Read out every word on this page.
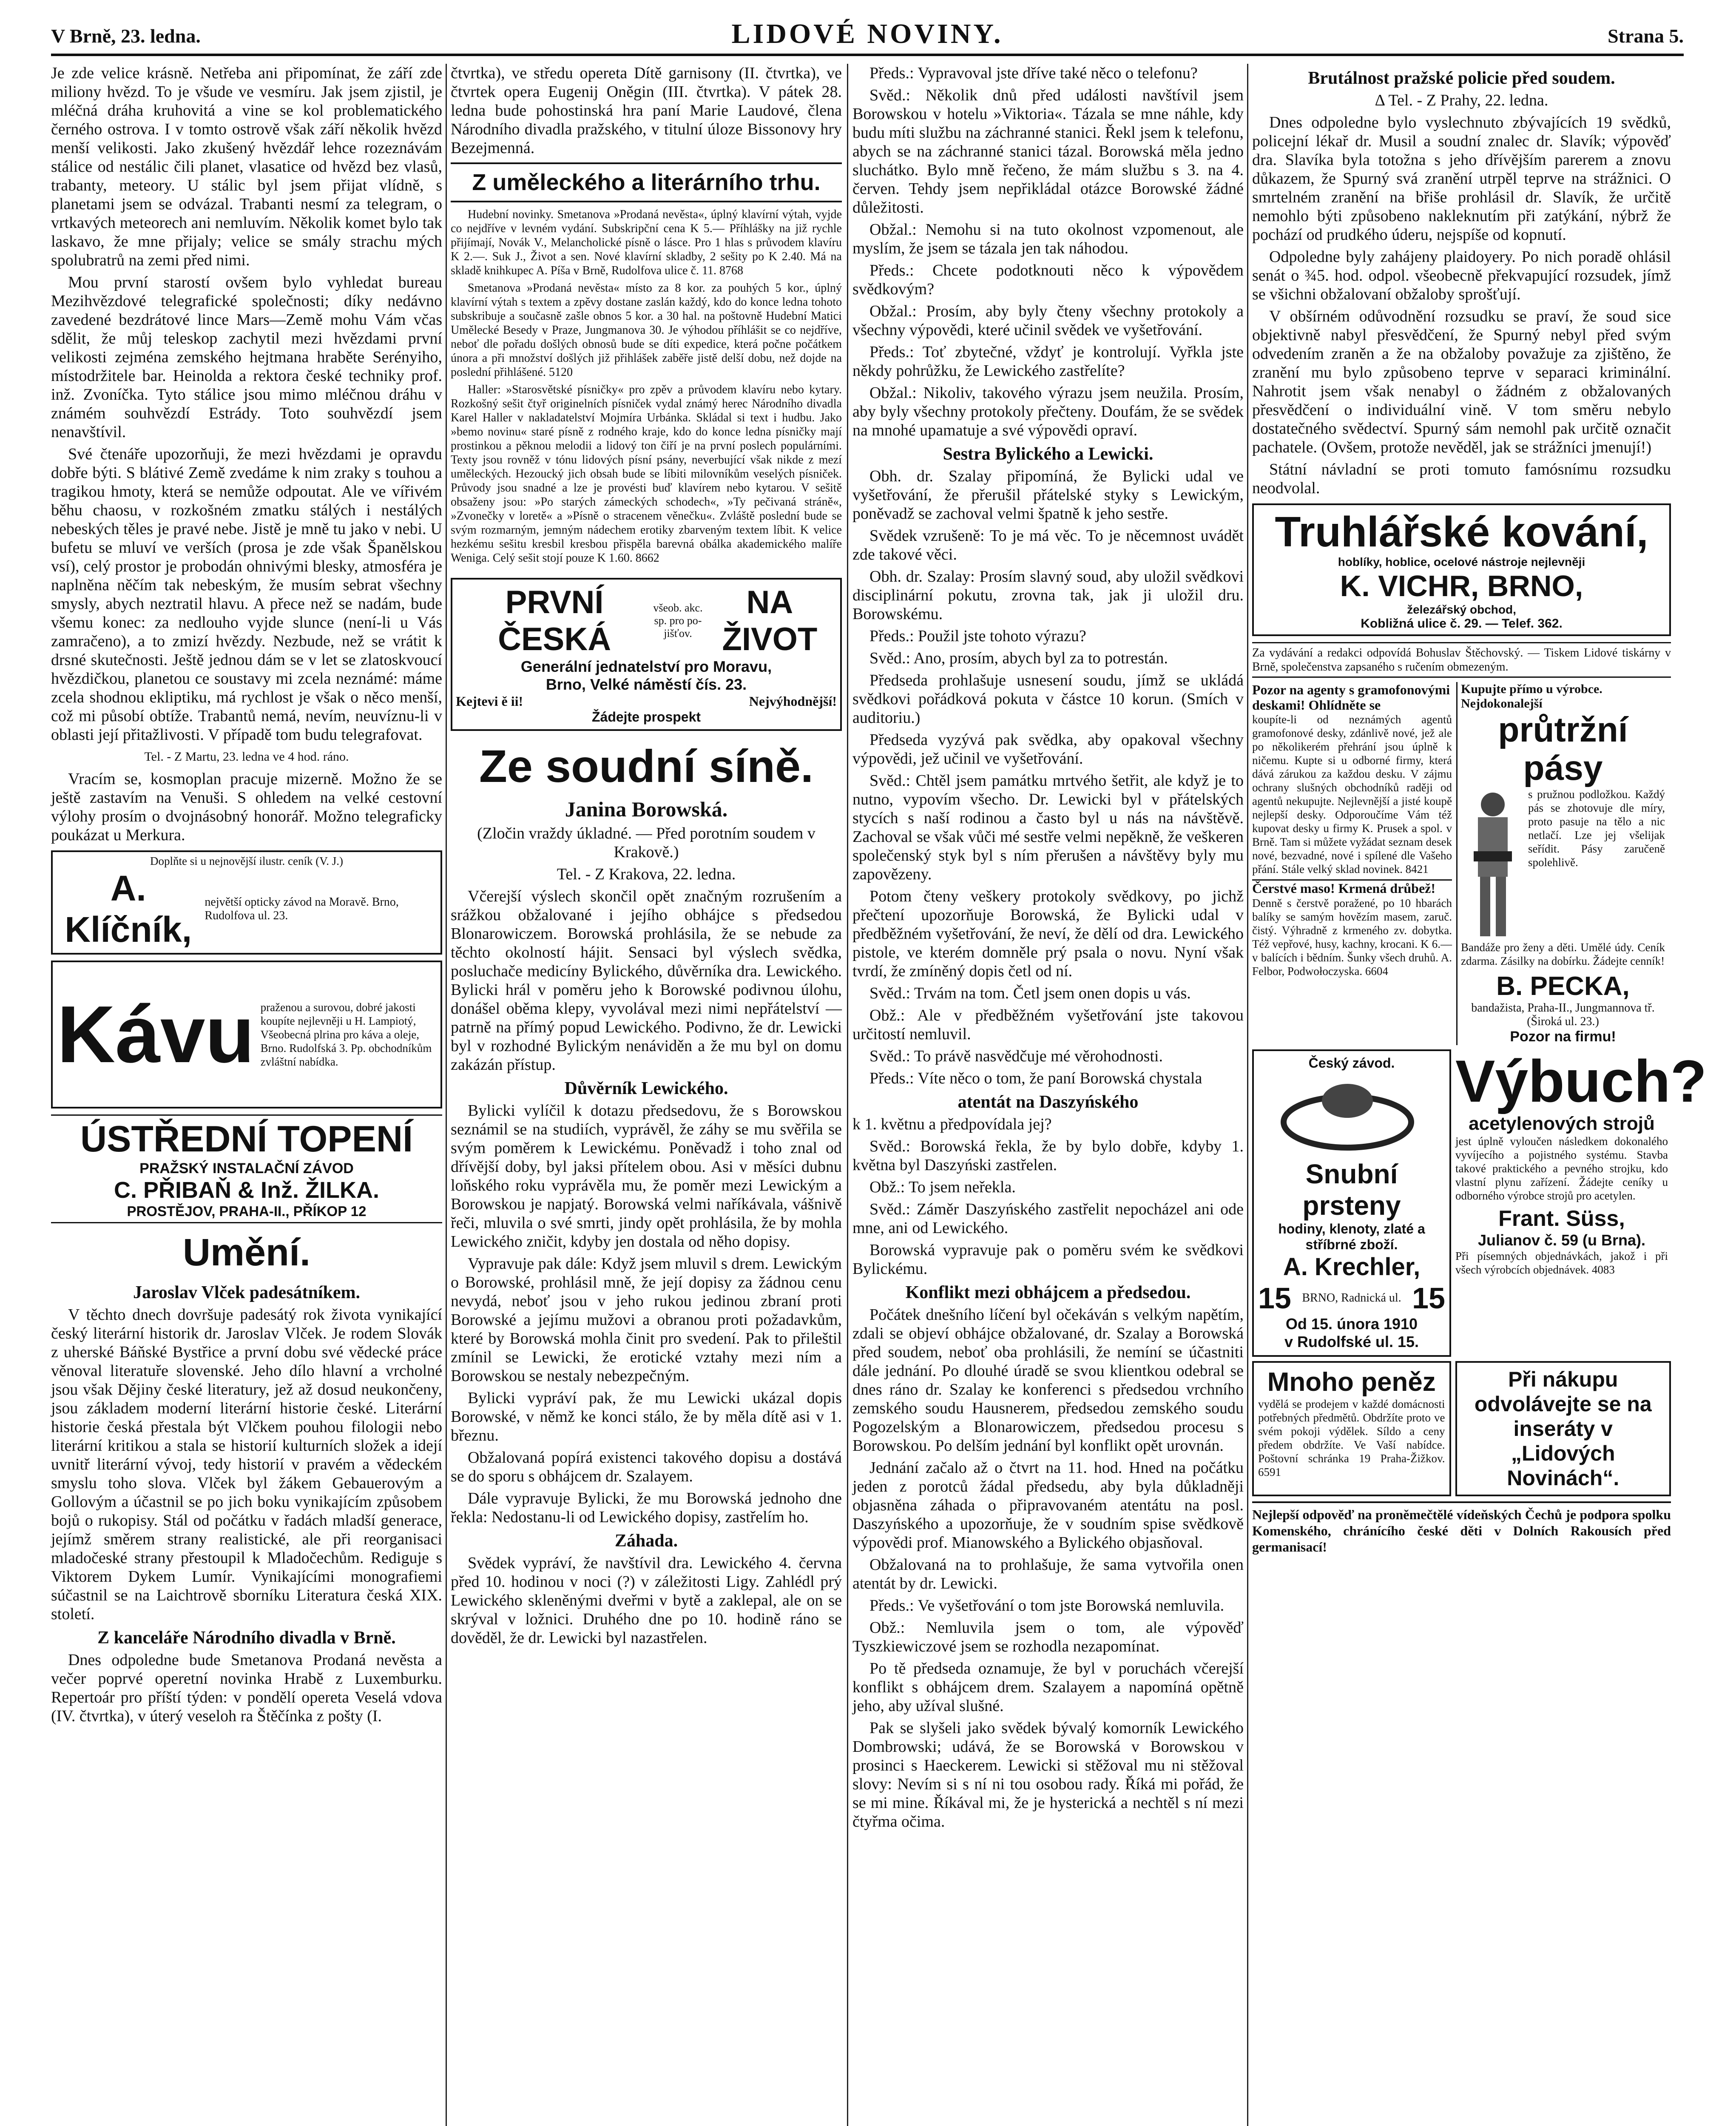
V Brně, 23. ledna.	LIDOVÉ NOVINY.	Strana 5.

Je zde velice krásně. Netřeba ani připomínat, že září zde miliony hvězd. To je všude ve vesmíru. Jak jsem zjistil, je mléčná dráha kruhovitá a vine se kol problematického černého ostrova. I v tomto ostrově však září několik hvězd menší velikosti. Jako zkušený hvězdář lehce rozeznávám stálice od nestálic čili planet, vlasatice od hvězd bez vlasů, trabanty, meteory. U stálic byl jsem přijat vlídně, s planetami jsem se odvázal. Trabanti nesmí za telegram, o vrtkavých meteorech ani nemluvím. Několik komet bylo tak laskavo, že mne přijaly; velice se smály strachu mých spolubratrů na zemi před nimi.

Mou první starostí ovšem bylo vyhledat bureau Mezihvězdové telegrafické společnosti; díky nedávno zavedené bezdrátové lince Mars—Země mohu Vám včas sdělit, že můj teleskop zachytil mezi hvězdami první velikosti zejména zemského hejtmana hraběte Serényiho, místodržitele bar. Heinolda a rektora české techniky prof. inž. Zvoníčka. Tyto stálice jsou mimo mléčnou dráhu v známém souhvězdí Estrády. Toto souhvězdí jsem nenavštívil.

Své čtenáře upozorňuji, že mezi hvězdami je opravdu dobře býti. S blátivé Země zvedáme k nim zraky s touhou a tragikou hmoty, která se nemůže odpoutat. Ale ve vířivém běhu chaosu, v rozkošném zmatku stálých i nestálých nebeských těles je pravé nebe. Jistě je mně tu jako v nebi. U bufetu se mluví ve verších (prosa je zde však Španělskou vsí), celý prostor je probodán ohnivými blesky, atmosféra je naplněna něčím tak nebeským, že musím sebrat všechny smysly, abych neztratil hlavu. A přece než se nadám, bude všemu konec: za nedlouho vyjde slunce (není-li u Vás zamračeno), a to zmizí hvězdy. Nezbude, než se vrátit k drsné skutečnosti. Ještě jednou dám se v let se zlatoskvoucí hvězdičkou, planetou ce soustavy mi zcela neznámé: máme zcela shodnou ekliptiku, má rychlost je však o něco menší, což mi působí obtíže. Trabantů nemá, nevím, neuvíznu-li v oblasti její přitažlivosti. V případě tom budu telegrafovat.

Tel. - Z Martu, 23. ledna ve 4 hod. ráno.

Vracím se, kosmoplan pracuje mizerně. Možno že se ještě zastavím na Venuši. S ohledem na velké cestovní výlohy prosím o dvojnásobný honorář. Možno telegraficky poukázat u Merkura.

Doplňte si u nejnovější ilustr. ceník (V. J.)
A. Klíčník,
největší opticky závod na Moravě. Brno, Rudolfova ul. 23.
Kávu praženou a surovou, dobré jakosti koupíte nejlevněji u H. Lampiotý, Všeobecná plrina pro káva a oleje, Brno. Rudolfská 3. Pp. obchodníkům zvláštní nabídka.
ÚSTŘEDNÍ TOPENÍ
PRAŽSKÝ INSTALAČNÍ ZÁVOD
C. PŘIBAŇ & Inž. ŽILKA.
PROSTĚJOV, PRAHA-II., PŘÍKOP 12
Umění.
Jaroslav Vlček padesátníkem.

V těchto dnech dovršuje padesátý rok života vynikající český literární historik dr. Jaroslav Vlček. Je rodem Slovák z uherské Báňské Bystřice a první dobu své vědecké práce věnoval literatuře slovenské. Jeho dílo hlavní a vrcholné jsou však Dějiny české literatury, jež až dosud neukončeny, jsou základem moderní literární historie české. Literární historie česká přestala být Vlčkem pouhou filologii nebo literární kritikou a stala se historií kulturních složek a idejí uvnitř literární vývoj, tedy historií v pravém a vědeckém smyslu toho slova. Vlček byl žákem Gebauerovým a Gollovým a účastnil se po jich boku vynikajícím způsobem bojů o rukopisy. Stál od počátku v řadách mladší generace, jejímž směrem strany realistické, ale při reorganisaci mladočeské strany přestoupil k Mladočechům. Rediguje s Viktorem Dykem Lumír. Vynikajícími monografiemi súčastnil se na Laichtrově sborníku Literatura česká XIX. století.

Z kanceláře Národního divadla v Brně.

Dnes odpoledne bude Smetanova Prodaná nevěsta a večer poprvé operetní novinka Hrabě z Luxemburku. Repertoár pro příští týden: v pondělí opereta Veselá vdova (IV. čtvrtka), v úterý veseloh ra Štěčínka z pošty (I.

čtvrtka), ve středu opereta Dítě garnisony (II. čtvrtka), ve čtvrtek opera Eugenij Oněgin (III. čtvrtka). V pátek 28. ledna bude pohostinská hra paní Marie Laudové, člena Národního divadla pražského, v titulní úloze Bissonovy hry Bezejmenná.

Z uměleckého a literárního trhu.

Hudební novinky. Smetanova »Prodaná nevěsta«, úplný klavírní výtah, vyjde co nejdříve v levném vydání. Subskripční cena K 5.— Příhlášky na již rychle přijímají, Novák V., Melancholické písně o lásce. Pro 1 hlas s průvodem klavíru K 2.—. Suk J., Život a sen. Nové klavírní skladby, 2 sešity po K 2.40. Má na skladě knihkupec A. Píša v Brně, Rudolfova ulice č. 11. 8768

Smetanova »Prodaná nevěsta« místo za 8 kor. za pouhých 5 kor., úplný klavírní výtah s textem a zpěvy dostane zaslán každý, kdo do konce ledna tohoto subskribuje a současně zašle obnos 5 kor. a 30 hal. na poštovně Hudební Matici Umělecké Besedy v Praze, Jungmanova 30. Je výhodou příhlášit se co nejdříve, neboť dle pořadu došlých obnosů bude se díti expedice, která počne počátkem února a při množství došlých již přihlášek zaběře jistě delší dobu, než dojde na poslední přihlášené. 5120

Haller: »Starosvětské písničky« pro zpěv a průvodem klavíru nebo kytary. Rozkošný sešit čtyř originelních písniček vydal známý herec Národního divadla Karel Haller v nakladatelství Mojmíra Urbánka. Skládal si text i hudbu. Jako »bemo novinu« staré písně z rodného kraje, kdo do konce ledna písničky mají prostinkou a pěknou melodii a lidový ton čiří je na první poslech populárními. Texty jsou rovněž v tónu lidových písní psány, neverbující však nikde z mezí uměleckých. Hezoucký jich obsah bude se líbiti milovníkům veselých písniček. Průvody jsou snadné a lze je provésti buď klavírem nebo kytarou. V sešitě obsaženy jsou: »Po starých zámeckých schodech«, »Ty pečivaná stráně«, »Zvonečky v loretě« a »Písně o stracenem věnečku«. Zvláště poslední bude se svým rozmarným, jemným nádechem erotiky zbarveným textem líbit. K velice hezkému sešitu kresbil kresbou přispěla barevná obálka akademického malíře Weniga. Celý sešit stojí pouze K 1.60. 8662

PRVNÍ ČESKÁ
všeob. akc. sp. pro po-jišťov.
NA ŽIVOT
Generální jednatelství pro Moravu,
Brno, Velké náměstí čís. 23.
Kejtevi ě ii!	Nejvýhodnější!
Žádejte prospekt
Ze soudní síně.
Janina Borowská.

(Zločin vraždy úkladné. — Před porotním soudem v Krakově.)

Tel. - Z Krakova, 22. ledna.

Včerejší výslech skončil opět značným rozrušením a srážkou obžalované i jejího obhájce s předsedou Blonarowiczem. Borowská prohlásila, že se nebude za těchto okolností hájit. Sensaci byl výslech svědka, posluchače medicíny Bylického, důvěrníka dra. Lewického. Bylicki hrál v poměru jeho k Borowské podivnou úlohu, donášel oběma klepy, vyvolával mezi nimi nepřátelství — patrně na přímý popud Lewického. Podivno, že dr. Lewicki byl v rozhodné Bylickým nenáviděn a že mu byl on domu zakázán přístup.

Důvěrník Lewického.

Bylicki vylíčil k dotazu předsedovu, že s Borowskou seznámil se na studiích, vyprávěl, že záhy se mu svěřila se svým poměrem k Lewickému. Poněvadž i toho znal od dřívější doby, byl jaksi přítelem obou. Asi v měsíci dubnu loňského roku vyprávěla mu, že poměr mezi Lewickým a Borowskou je napjatý. Borowská velmi naříkávala, vášnivě řeči, mluvila o své smrti, jindy opět prohlásila, že by mohla Lewického zničit, kdyby jen dostala od něho dopisy.

Vypravuje pak dále: Když jsem mluvil s drem. Lewickým o Borowské, prohlásil mně, že její dopisy za žádnou cenu nevydá, neboť jsou v jeho rukou jedinou zbraní proti Borowské a jejímu mužovi a obranou proti požadavkům, které by Borowská mohla činit pro svedení. Pak to přileštil zmínil se Lewicki, že erotické vztahy mezi ním a Borowskou se nestaly nebezpečným.

Bylicki vypráví pak, že mu Lewicki ukázal dopis Borowské, v němž ke konci stálo, že by měla dítě asi v 1. březnu.

Obžalovaná popírá existenci takového dopisu a dostává se do sporu s obhájcem dr. Szalayem.

Dále vypravuje Bylicki, že mu Borowská jednoho dne řekla: Nedostanu-li od Lewického dopisy, zastřelím ho.

Záhada.

Svědek vypráví, že navštívil dra. Lewického 4. června před 10. hodinou v noci (?) v záležitosti Ligy. Zahlédl prý Lewického skleněnými dveřmi v bytě a zaklepal, ale on se skrýval v ložnici. Druhého dne po 10. hodině ráno se dověděl, že dr. Lewicki byl nazastřelen.

Předs.: Vypravoval jste dříve také něco o telefonu?

Svěd.: Několik dnů před události navštívil jsem Borowskou v hotelu »Viktoria«. Tázala se mne náhle, kdy budu míti službu na záchranné stanici. Řekl jsem k telefonu, abych se na záchranné stanici tázal. Borowská měla jedno sluchátko. Bylo mně řečeno, že mám službu s 3. na 4. červen. Tehdy jsem nepřikládal otázce Borowské žádné důležitosti.

Obžal.: Nemohu si na tuto okolnost vzpomenout, ale myslím, že jsem se tázala jen tak náhodou.

Předs.: Chcete podotknouti něco k výpovědem svědkovým?

Obžal.: Prosím, aby byly čteny všechny protokoly a všechny výpovědi, které učinil svědek ve vyšetřování.

Předs.: Toť zbytečné, vždyť je kontrolují. Vyřkla jste někdy pohrůžku, že Lewického zastřelíte?

Obžal.: Nikoliv, takového výrazu jsem neužila. Prosím, aby byly všechny protokoly přečteny. Doufám, že se svědek na mnohé upamatuje a své výpovědi opraví.

Sestra Bylického a Lewicki.

Obh. dr. Szalay připomíná, že Bylicki udal ve vyšetřování, že přerušil přátelské styky s Lewickým, poněvadž se zachoval velmi špatně k jeho sestře.

Svědek vzrušeně: To je má věc. To je něcemnost uvádět zde takové věci.

Obh. dr. Szalay: Prosím slavný soud, aby uložil svědkovi disciplinární pokutu, zrovna tak, jak ji uložil dru. Borowskému.

Předs.: Použil jste tohoto výrazu?

Svěd.: Ano, prosím, abych byl za to potrestán.

Předseda prohlašuje usnesení soudu, jímž se ukládá svědkovi pořádková pokuta v částce 10 korun. (Smích v auditoriu.)

Předseda vyzývá pak svědka, aby opakoval všechny výpovědi, jež učinil ve vyšetřování.

Svěd.: Chtěl jsem památku mrtvého šetřit, ale když je to nutno, vypovím všecho. Dr. Lewicki byl v přátelských stycích s naší rodinou a často byl u nás na návštěvě. Zachoval se však vůči mé sestře velmi nepěkně, že veškeren společenský styk byl s ním přerušen a návštěvy byly mu zapovězeny.

Potom čteny veškery protokoly svědkovy, po jichž přečtení upozorňuje Borowská, že Bylicki udal v předběžném vyšetřování, že neví, že dělí od dra. Lewického pistole, ve kterém domněle prý psala o novu. Nyní však tvrdí, že zmíněný dopis četl od ní.

Svěd.: Trvám na tom. Četl jsem onen dopis u vás.

Obž.: Ale v předběžném vyšetřování jste takovou určitostí nemluvil.

Svěd.: To právě nasvědčuje mé věrohodnosti.

Předs.: Víte něco o tom, že paní Borowská chystala

atentát na Daszyńského

k 1. květnu a předpovídala jej?

Svěd.: Borowská řekla, že by bylo dobře, kdyby 1. května byl Daszyński zastřelen.

Obž.: To jsem neřekla.

Svěd.: Záměr Daszyńského zastřelit nepocházel ani ode mne, ani od Lewického.

Borowská vypravuje pak o poměru svém ke svědkovi Bylickému.

Konflikt mezi obhájcem a předsedou.

Počátek dnešního líčení byl očekáván s velkým napětím, zdali se objeví obhájce obžalované, dr. Szalay a Borowská před soudem, neboť oba prohlásili, že nemíní se účastniti dále jednání. Po dlouhé úradě se svou klientkou odebral se dnes ráno dr. Szalay ke konferenci s předsedou vrchního zemského soudu Hausnerem, předsedou zemského soudu Pogozelským a Blonarowiczem, předsedou procesu s Borowskou. Po delším jednání byl konflikt opět urovnán.

Jednání začalo až o čtvrt na 11. hod. Hned na počátku jeden z porotců žádal předsedu, aby byla důkladněji objasněna záhada o připravovaném atentátu na posl. Daszyńského a upozorňuje, že v soudním spise svědkově výpovědi prof. Mianowského a Bylického objasňoval.

Obžalovaná na to prohlašuje, že sama vytvořila onen atentát by dr. Lewicki.

Předs.: Ve vyšetřování o tom jste Borowská nemluvila.

Obž.: Nemluvila jsem o tom, ale výpověď Tyszkiewiczové jsem se rozhodla nezapomínat.

Po tě předseda oznamuje, že byl v poruchách včerejší konflikt s obhájcem drem. Szalayem a napomíná opětně jeho, aby užíval slušné.

Pak se slyšeli jako svědek bývalý komorník Lewického Dombrowski; udává, že se Borowská v Borowskou v prosinci s Haeckerem. Lewicki si stěžoval mu ni stěžoval slovy: Nevím si s ní ni tou osobou rady. Říká mi pořád, že se mi mine. Říkával mi, že je hysterická a nechtěl s ní mezi čtyřma očima.

Brutálnost pražské policie před soudem.

Δ Tel. - Z Prahy, 22. ledna.

Dnes odpoledne bylo vyslechnuto zbývajících 19 svědků, policejní lékař dr. Musil a soudní znalec dr. Slavík; výpověď dra. Slavíka byla totožna s jeho dřívějším parerem a znovu důkazem, že Spurný svá zranění utrpěl teprve na strážnici. O smrtelném zranění na břiše prohlásil dr. Slavík, že určitě nemohlo býti způsobeno nakleknutím při zatýkání, nýbrž že pochází od prudkého úderu, nejspíše od kopnutí.

Odpoledne byly zahájeny plaidoyery. Po nich poradě ohlásil senát o ¾5. hod. odpol. všeobecně překvapující rozsudek, jímž se všichni obžalovaní obžaloby sprošťují.

V obšírném odůvodnění rozsudku se praví, že soud sice objektivně nabyl přesvědčení, že Spurný nebyl před svým odvedením zraněn a že na obžaloby považuje za zjištěno, že zranění mu bylo způsobeno teprve v separaci kriminální. Nahrotit jsem však nenabyl o žádném z obžalovaných přesvědčení o individuální vině. V tom směru nebylo dostatečného svědectví. Spurný sám nemohl pak určitě označit pachatele. (Ovšem, protože nevěděl, jak se strážníci jmenují!)

Státní návladní se proti tomuto famósnímu rozsudku neodvolal.

Truhlářské kování,
hoblíky, hoblice, ocelové nástroje nejlevněji
K. VICHR, BRNO,
železářský obchod,
Kobližná ulice č. 29. — Telef. 362.

Za vydávání a redakci odpovídá Bohuslav Štěchovský. — Tiskem Lidové tiskárny v Brně, společenstva zapsaného s ručením obmezeným.

Pozor na agenty s gramofonovými deskami! Ohlídněte se

koupíte-li od neznámých agentů gramofonové desky, zdánlivě nové, jež ale po několikerém přehrání jsou úplně k ničemu. Kupte si u odborné firmy, která dává zárukou za každou desku. V zájmu ochrany slušných obchodníků raději od agentů nekupujte. Nejlevnější a jisté koupě nejlepší desky. Odporoučíme Vám též kupovat desky u firmy K. Prusek a spol. v Brně. Tam si můžete vyžádat seznam desek nové, bezvadné, nové i spílené dle Vašeho přání. Stále velký sklad novinek. 8421

Čerstvé maso! Krmená drůbež!

Denně s čerstvě poražené, po 10 hbarách balíky se samým hovězím masem, zaruč. čistý. Výhradně z krmeného zv. dobytka. Též vepřové, husy, kachny, krocani. K 6.— v balících i bědním. Šunky všech druhů. A. Felbor, Podwołoczyska. 6604

Kupujte přímo u výrobce. Nejdokonalejší
průtržní pásy

s pružnou podložkou. Každý pás se zhotovuje dle míry, proto pasuje na tělo a nic netlačí. Lze jej všelijak seřídit. Pásy zaručeně spolehlivě.

Bandáže pro ženy a děti. Umělé údy. Ceník zdarma. Zásilky na dobírku. Žádejte cenník!

B. PECKA,
bandažista, Praha-II., Jungmannova tř. (Široká ul. 23.)
Pozor na firmu!
Český závod.
Snubní prsteny
hodiny, klenoty, zlaté a stříbrné zboží.
A. Krechler,
15 BRNO, Radnická ul. 15
Od 15. února 1910
v Rudolfské ul. 15.
Výbuch?
acetylenových strojů

jest úplně vyloučen následkem dokonalého vyvíjecího a pojistného systému. Stavba takové praktického a pevného strojku, kdo vlastní plynu zařízení. Žádejte ceníky u odborného výrobce strojů pro acetylen.

Frant. Süss,
Julianov č. 59 (u Brna).

Při písemných objednávkách, jakož i při všech výrobcích objednávek. 4083

Mnoho peněz

vydělá se prodejem v každé domácnosti potřebných předmětů. Obdržíte proto ve svém pokoji výdělek. Síldo a ceny předem obdržíte. Ve Vaší nabídce. Poštovní schránka 19 Praha-Žižkov. 6591

Při nákupu odvolávejte se na inseráty v „Lidových Novinách“.

Nejlepší odpověď na proněmečtělé vídeňských Čechů je podpora spolku Komenského, chránícího české děti v Dolních Rakousích před germanisací!
